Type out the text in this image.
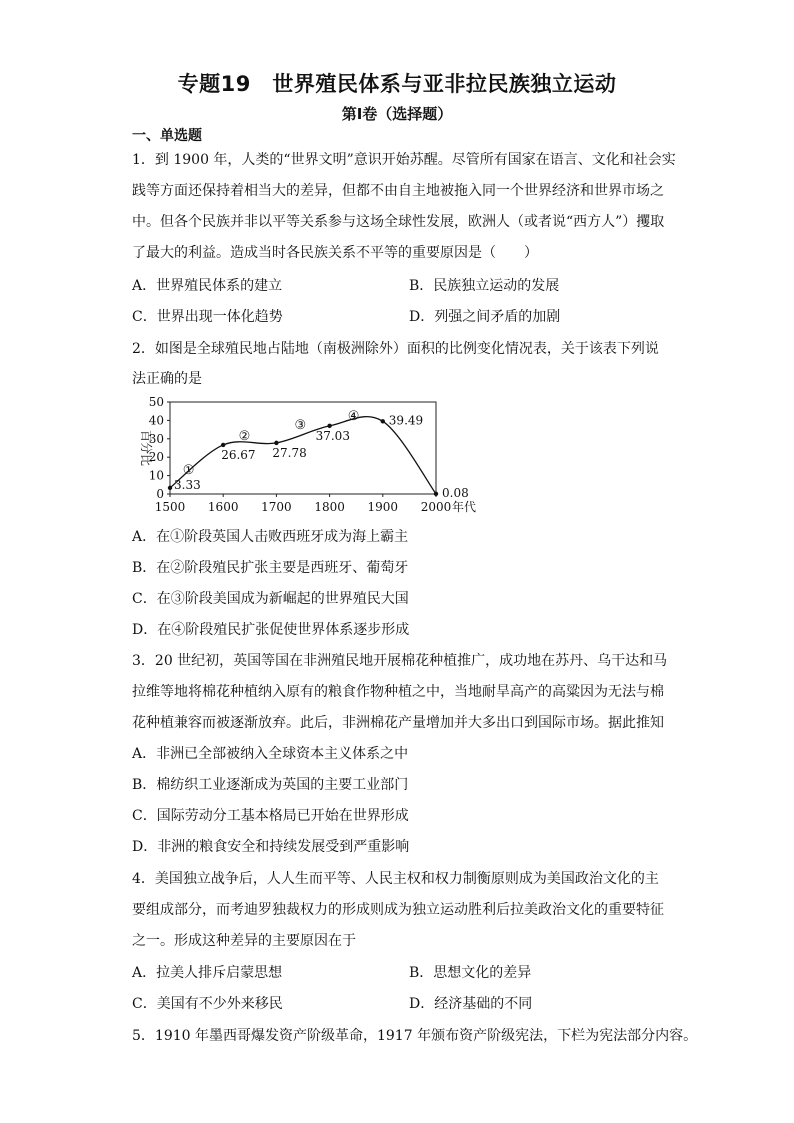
专题19　世界殖民体系与亚非拉民族独立运动
第Ⅰ卷（选择题）
一、单选题
1．到 1900 年，人类的“世界文明”意识开始苏醒。尽管所有国家在语言、文化和社会实
践等方面还保持着相当大的差异，但都不由自主地被拖入同一个世界经济和世界市场之
中。但各个民族并非以平等关系参与这场全球性发展，欧洲人（或者说“西方人”）攫取
了最大的利益。造成当时各民族关系不平等的重要原因是（　　）
A．世界殖民体系的建立	B．民族独立运动的发展
C．世界出现一体化趋势	D．列强之间矛盾的加剧
2．如图是全球殖民地占陆地（南极洲除外）面积的比例变化情况表，关于该表下列说
法正确的是
0
10
20
30
40
50
1500 1600 1700 1800 1900 2000 年代
百分比
3.33
26.67 27.78
37.03
39.49
0.08
①
②
③
④
A．在①阶段英国人击败西班牙成为海上霸主
B．在②阶段殖民扩张主要是西班牙、葡萄牙
C．在③阶段美国成为新崛起的世界殖民大国
D．在④阶段殖民扩张促使世界体系逐步形成
3．20 世纪初，英国等国在非洲殖民地开展棉花种植推广，成功地在苏丹、乌干达和马
拉维等地将棉花种植纳入原有的粮食作物种植之中，当地耐旱高产的高粱因为无法与棉
花种植兼容而被逐渐放弃。此后，非洲棉花产量增加并大多出口到国际市场。据此推知
A．非洲已全部被纳入全球资本主义体系之中
B．棉纺织工业逐渐成为英国的主要工业部门
C．国际劳动分工基本格局已开始在世界形成
D．非洲的粮食安全和持续发展受到严重影响
4．美国独立战争后，人人生而平等、人民主权和权力制衡原则成为美国政治文化的主
要组成部分，而考迪罗独裁权力的形成则成为独立运动胜利后拉美政治文化的重要特征
之一。形成这种差异的主要原因在于
A．拉美人排斥启蒙思想	B．思想文化的差异
C．美国有不少外来移民	D．经济基础的不同
5．1910 年墨西哥爆发资产阶级革命，1917 年颁布资产阶级宪法，下栏为宪法部分内容。
